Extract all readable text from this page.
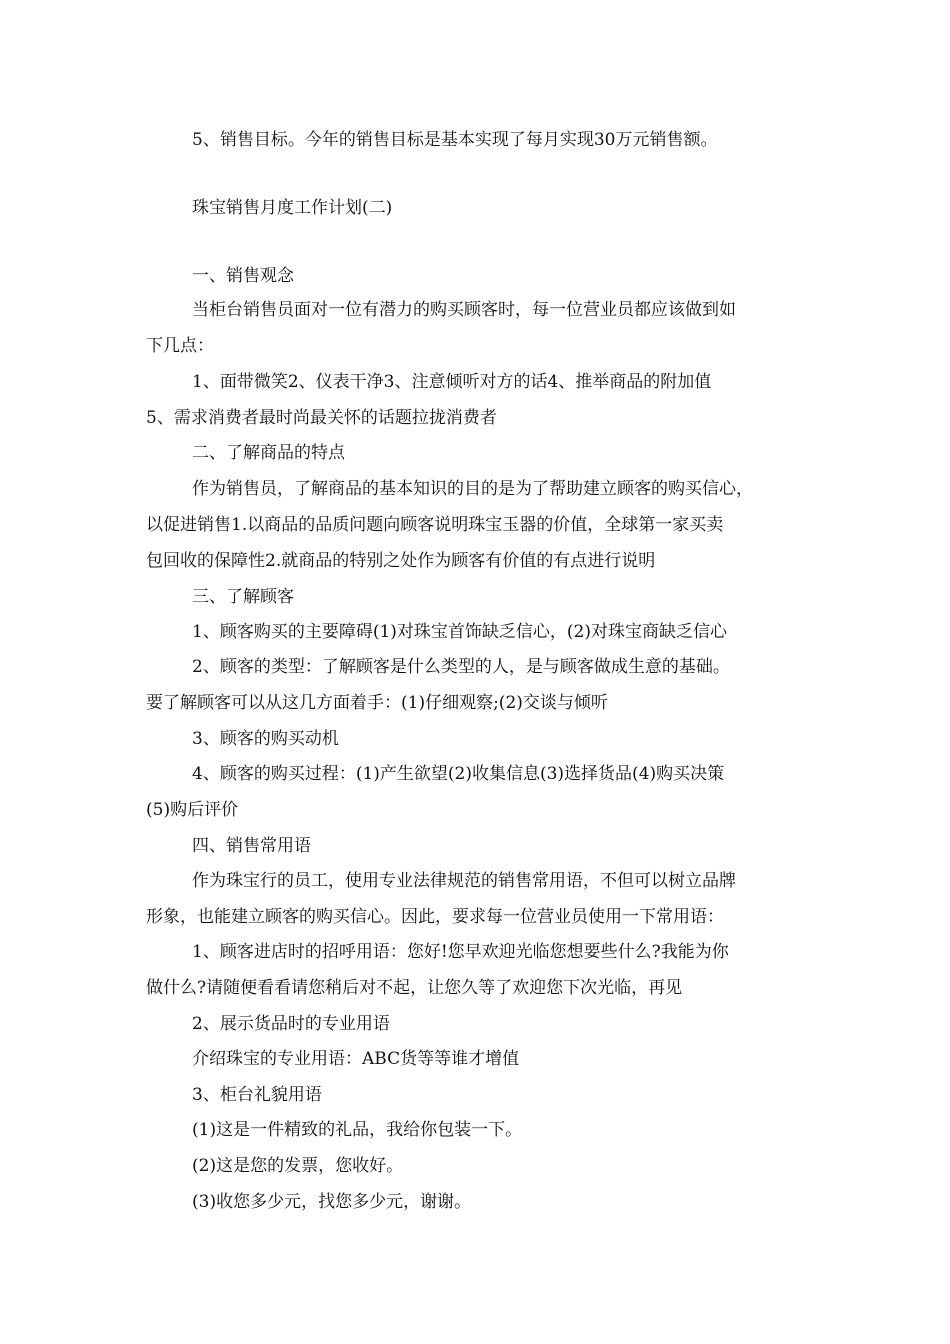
5、销售目标。今年的销售目标是基本实现了每月实现30万元销售额。
珠宝销售月度工作计划(二)
一、销售观念
当柜台销售员面对一位有潜力的购买顾客时，每一位营业员都应该做到如
下几点：
1、面带微笑2、仪表干净3、注意倾听对方的话4、推举商品的附加值
5、需求消费者最时尚最关怀的话题拉拢消费者
二、了解商品的特点
作为销售员，了解商品的基本知识的目的是为了帮助建立顾客的购买信心，
以促进销售1.以商品的品质问题向顾客说明珠宝玉器的价值，全球第一家买卖
包回收的保障性2.就商品的特别之处作为顾客有价值的有点进行说明
三、了解顾客
1、顾客购买的主要障碍(1)对珠宝首饰缺乏信心，(2)对珠宝商缺乏信心
2、顾客的类型：了解顾客是什么类型的人，是与顾客做成生意的基础。
要了解顾客可以从这几方面着手：(1)仔细观察;(2)交谈与倾听
3、顾客的购买动机
4、顾客的购买过程：(1)产生欲望(2)收集信息(3)选择货品(4)购买决策
(5)购后评价
四、销售常用语
作为珠宝行的员工，使用专业法律规范的销售常用语，不但可以树立品牌
形象，也能建立顾客的购买信心。因此，要求每一位营业员使用一下常用语：
1、顾客进店时的招呼用语：您好!您早欢迎光临您想要些什么?我能为你
做什么?请随便看看请您稍后对不起，让您久等了欢迎您下次光临，再见
2、展示货品时的专业用语
介绍珠宝的专业用语：ABC货等等谁才增值
3、柜台礼貌用语
(1)这是一件精致的礼品，我给你包装一下。
(2)这是您的发票，您收好。
(3)收您多少元，找您多少元，谢谢。
